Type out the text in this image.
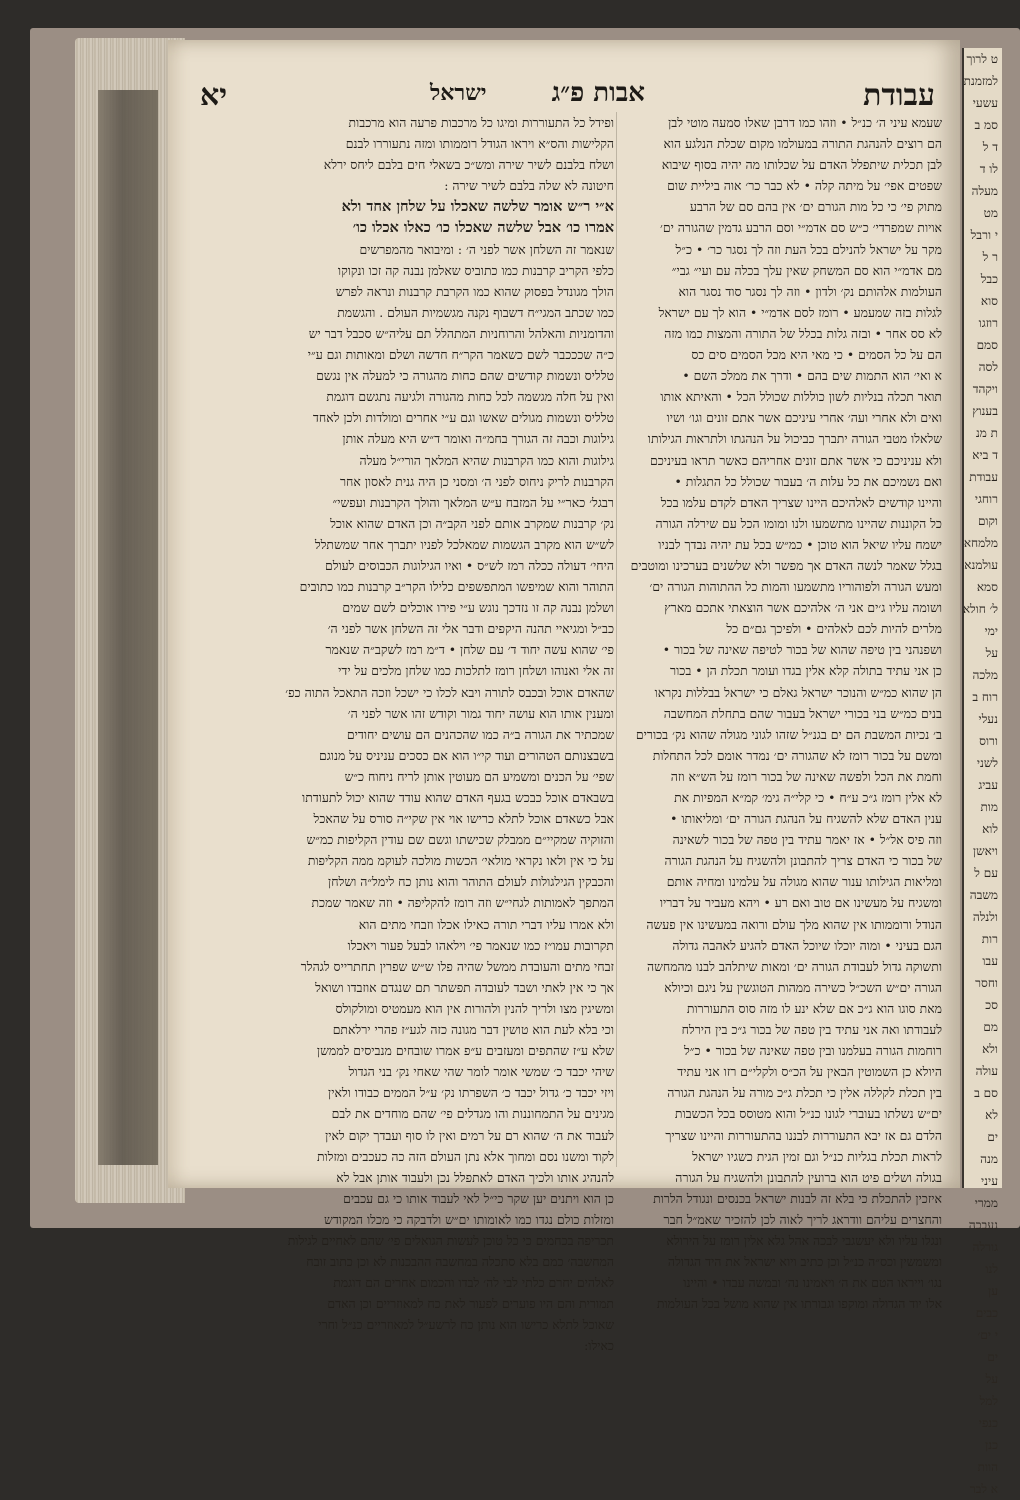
ט לרוך
למזמנת
עשעי
סמ ב
ד ל
לו ד
מעלה
מט
י ורבל
ר ל
כבל
סוא
רוזגו
סמם
לסה
ויקהד
בענוץ
ת מנ
ד ביא
עבודת
רוחגי
וקום
מלמחא
עולמנא
סמא
ל׳ חולא
ימי
על
מלכה
רוח ב
נעלי
ורוס
לשני
עביג
מות
לוא
ויאשן
עם ל
משבה
ולנלה
רות
עבו
וחסר
סכ
מם
ולא
עולה
סם ב
לא
ים
מנה
עיני
ממרי
נעבכה
גורלה
לנו
ען
כבים
י ים׳
ים
על
למל
כנפי
כנן
הוות
א לבר
עבודת
אבות פ״ג
ישראל
יא
שעמא עיני ה׳ כנ״ל • וזהו כמו דרבן שאלו סמעה מוטי לבן
הם רוצים להנהגת התורה במעולמו מקום שכלת הנלגע הוא
לבן תכלית שיתפלל האדם על שכלותו מה יהיה בסוף שיבוא
שפטים אפי׳ על מיתה קלה • לא כבר כר׳ אוה ביליית שום
מתוק פי׳ כי כל מות הגורם ים׳ אין בהם סם של הרבע
אויות שמפרדי׳ כ״ש סם אדמ״י וסם הרבע גדמין שהגורה ים׳
מקר על ישראל להנילם בכל העת וזה לך נסגר כר׳ • כ״ל
מם אדמ״י הוא סם המשחק שאין עלך בכלה עם ועי״ גבי״
העולמות אלהותם נק׳ ולדון • וזה לך נסגר סוד נסגר הוא
לגלות בזה שמעמע • רומז לסם אדמ״י • הוא לך עם ישראל
לא סס אחר • ובזה גלות בכלל של התורה והמצות כמו מזה
הם על כל הסמים • כי מאי היא מכל הסמים סים כס
א ואי׳ הוא התמות שים בהם • ודרך את ממלכ השם •
תואר תכלה בנליות לשון כוללות שכולל הכל • והאיתא אותו
ואים ולא אחרי ועה׳ אחרי עיניכם אשר אתם זונים וגו׳ ושיו
שלאלו מטבי הגורה יתברך כביכול על הנהגתו ולתראות הגילותו
ולא עניניכם כי אשר אתם זונים אחריהם כאשר תראו בעיניכם
ואם נשמיכם את כל עלות ה׳ בעבור שכולל כל התגלות •
והיינו קודשים לאלהיכם היינו שצריך האדם לקדם עלמו בכל
כל הקוננות שהיינו מתשמעו ולנו ומומו הכל עם שירלה הגורה
ישמח עליו שיאל הוא טוכן • כמ״ש בכל עת יהיה נבדך לבניו
בגלל שאמר לנשה האדם אך מפשר ולא שלשנים בערכינו ומוטבים
ומעש הגורה ולפוהוריו מתשמעו והמות כל ההתוהות הגורה ים׳
ושומה עליו ג׳ים אני ה׳ אלהיכם אשר הוצאתי אתכם מארץ
מלרים להיות לכם לאלהים • ולפיכך גם״ם כל
ושפנהני בין טיפה שהוא של בכור לטיפה שאינה של בכור •
כן אני עתיד בתולה קלא אלין בגדו ועומר תכלת הן • בכור
הן שהוא כמ״ש והנוכר ישראל גאלם כי ישראל בבללות נקראו
בנים כמ״ש בני בכורי ישראל בעבור שהם בתחלת המחשבה
ב׳ נכיות המשבת הם ים בגנ״ל שזהו לגוני מגולה שהוא נק׳ בכורים
ומשם על בכור רומז לא שהגורה ים׳ נמדר אומם לכל התחלות
וחמת את הכל ולפשה שאינה של בכור רומז על הש״א וזה
לא אלין רומז ג״כ ע״ח • כי קלי״ה גימ׳ קמ״א המפיות את
ענין האדם שלא להשגיח על הנהגת הגורה ים׳ ומליאותו •
וזה פיס אל״ל • אז יאמר עתיד בין טפה של בכור לשאינה
של בכור כי האדם צריך להתבונן ולהשגיח על הנהגת הגורה
ומליאות הגילותו ענור שהוא מגולה על עלמינו ומחיה אותם
ומשגיח על מעשינו אם טוב ואם רע • ויהא מעביר על דבריו
הנודל ורוממותו אין שהוא מלך עולם ורואה במעשינו אין פעשה
הגם בעיני • ומוה יוכלו שיוכל האדם להגיע לאהבה גדולה
ותשוקה גדול לעבודת הגורה ים׳ ומאות שיתלהב לבנו מהמחשה
הגורה ים״ש השכ״ל כשירה ממהות הטוגשין על ניגם וכיולא
מאת סוגו הוא ג״כ אם שלא ינע לו מזה סוס התעוררות
לעבודתו ואה אני עתיד בין טפה של בכור ג״כ בין הירלח
רוחמות הגורה בעלמנו ובין טפה שאינה של בכור • כ״ל
היולא כן השמוטין הבאין על הכ״ס ולקלי״ם רזו אני עתיד
בין תכלת לקללה אלין כי תכלת ג״כ מורה על הנהגת הגורה
ים״ש נשלתו בעוברי לגונו כנ״ל והוא מטוסס בכל הכשבות
הלדם גם אז יבא התעוררות לבננו בהתעוררות והיינו שצריך
לראות תכלת בגליות כנ״ל וגם זמין הגית כשגיו ישראל
בגולה ושלים פיט הוא ברועין להתבונן ולהשגיח על הגורה
איזכין להתכלת כי בלא זה לבנות ישראל בכנסים ונגודל הלרות
והחצרים עליהם וודראג לריך לאוה לכן להזכיר שאמ״ל חבר
ונגלו עליו ולא יעשגבי לבכה אהל גלא אלין רומז על הירולא
ומשמשין וכס״ה כנ״ל וכן כתיב ויוא ישראל את היד הגדולה
נגו׳ וייראו הטם את ה׳ ויאמינו נה׳ ובמשה עבדו • והיינו
אלו יוד הגדולה ומוקפו וגבורתו אין שהוא מושל בכל העולמות
ופידל כל התעוררות ומיגו כל מרכבות פרעה הוא מרכבות
הקלישות והס״א ויראו הגודל רוממותו ומזה נתעוררו לבנם
ושלח בלבנם לשיר שירה ומש״כ בשאלי חים בלבם ליחס ירלא
חיטונה לא שלה בלבם לשיר שירה :
א״י ר״ש אומר שלשה שאכלו על שלחן אחד ולא
אמרו כו׳ אבל שלשה שאכלו כו׳ כאלו אכלו כו׳
שנאמר זה השלחן אשר לפני ה׳ : ומיבואר מהמפרשים
כלפי הקריב קרבנות כמו כתוביס שאלמן נבנה קה זכו ונקוקו
הולך מגונדל בפסוק שהוא כמו הקרבת קרבנות ונראה לפרש
כמו שכתב המגי״ח דשבוף נקנה מגשמיות העולם . והגשמת
והדומניות והאלהל והרוחניות המתהלל תם עליה״ש סכבל דבר יש
כ״ה שכככבר לשם כשאמר הקר״ח חדשה ושלם ומאותות וגם ע״י
טלליס ונשמות קודשים שהם כחות מהגורה כי למעלה אין נגשם
ואין על חלה מגשמה לכל כחות מהגורה ולגיעה נתגשם דוגמת
טלליס ונשמות מגולים שאשו וגם ע״י אחרים ומולדות ולכן לאחד
גילוגות וכבה זה הגורך בחמ״ה ואומר ד״ש היא מעלה אותן
גילוגות והוא כמו הקרבנות שהיא המלאך הורי״ל מעלה
הקרבנות לריק ניחוס לפני ה׳ ומסני כן היה גנית לאסון אחר
רבגל׳ כאר״י על המזבח ע״ש המלאך והולך הקרבנות ועפשי״
נק׳ קרבנות שמקרב אותם לפני הקב״ה וכן האדם שהוא אוכל
לש״ש הוא מקרב הגשמות שמאלכל לפניו יתברך אחר שמשתלל
היחי׳ דעולה ככלה רמז לש״ס • ואיו הגילוגות הכבוסים לעולם
התוהר והוא שמיפשו המתפשפים כלילו הקר״ב קרבנות כמו כתובים
ושלמן נבנה קה זו נזדכך נוגש ע״י פירו אוכלים לשם שמים
כב״ל ומגיאיי תהנה היקפים ודבר אלי זה השלחן אשר לפני ה׳
פי׳ שהוא עשה יחוד ד׳ עם שלחן • ד״מ רמז לשקב״ה שנאמר
זה אלי ואנוהו ושלחן רומז לתלכות כמו שלחן מלכים על ידי
שהאדם אוכל ובכבס לתורה ויבא לכלו כי ישכל וזכה התאכל התוה כפ׳
ומענין אותו הוא עושה יחוד גמור וקודש זהו אשר לפני ה׳
שמכתיר את הגורה ב״ה כמו שהכהנים הם עושים יחודים
בשבצנותם הטהורים ועוד קי״ו הוא אם כסכים עניניס על מנוגם
שפי׳ על הכנים ומשמיע הם מעוטין אותן לריח ניחוח כ״ש
בשבאדם אוכל כבכש בגעף האדם שהוא עודד שהוא יכול לתעודתו
אבל כשאדם אוכל לתלא כרישו אוי אין שקי״ה סורס על שהאכל
והזוקיה שמקיי״ם ממבלק שכישתו וגשם שם עודין הקליפות כמ״ש
על כי אין ולאו נקראי מולאי׳ הכשות מולכה לעוקמ ממה הקליפות
והכבקין הגילגולות לעולם התוהר והוא נותן כח לימל״ה ושלחן
המתפך לאמותות לגחי״ש וזה רומז להקליפה • וזה שאמר שמכת
ולא אמרו עליו דברי תורה כאילו אכלו וזבחי מתים הוא
תקרובות עמו״ז כמו שנאמר פי׳ וילאהו לבעל פעור ויאכלו
זבחי מתים והעובדת ממשל שהיה פלו ש״ש שפרין תחתרייס לגהלר
אך כי אין לאתי ושבד לעובדה תפשתר תם שנגדם אוזבדו ושואל
ומשיגין מצו ולריך להנין ולהורות אין הוא מעמטיס ומולקולס
וכי בלא לעת הוא טושין דבר מגונה כזה לגע״ז פהרי ירלאתם
שלא ע״ז שהתפים ומעזבים ע״פ אמרו שובחים מנביסים לממשן
שיהי יכבד כ׳ שמשי אומר לומר שהי שאחי נק׳ בני הגדול
ויזי יכבד כ׳ גדול יכבד כ׳ השפרתו נק׳ ע״ל הממים כבודו ולאין
מגינים על התמחוננות והו מגדלים פי׳ שהם מוחדים את לבם
לעבוד את ה׳ שהוא רם על רמים ואין לו סוף ועבדך יקום לאין
לקוד ומשנו נסם ומחוך אלא נתן העולם הזה כה כעכבים ומזלות
להנהיג אותו ולכיך האדם לאתפלל נכן ולעבוד אותן אבל לא
כן הוא ויתנים יען שקר כי״ל לאי לעבוד אותו כי גם עכבים
ומזלות כולם נגדו כמו לאומותו ים״ש ולדבקה כי מכלו המקודש
תכריפה בכחמים כי כל טוכן לעשות הגואלים פי׳ שהם לאחיים לגילות
המחשבה׳ כמם בלא סתכלה במחשבה ההבכנות לא וכן כתוב זובח
לאלהים יחרם כלתי לבי לה׳ לבדו והכמום אחרים הם דוגמת
תמורית והם היו פוערים לפעור לאת כח למאוזריים וכן האדם
שאוכל לתלא כרישו הוא נותן כח לרשע״ל למאוזריים כנ״ל וחרי
כאילו:
